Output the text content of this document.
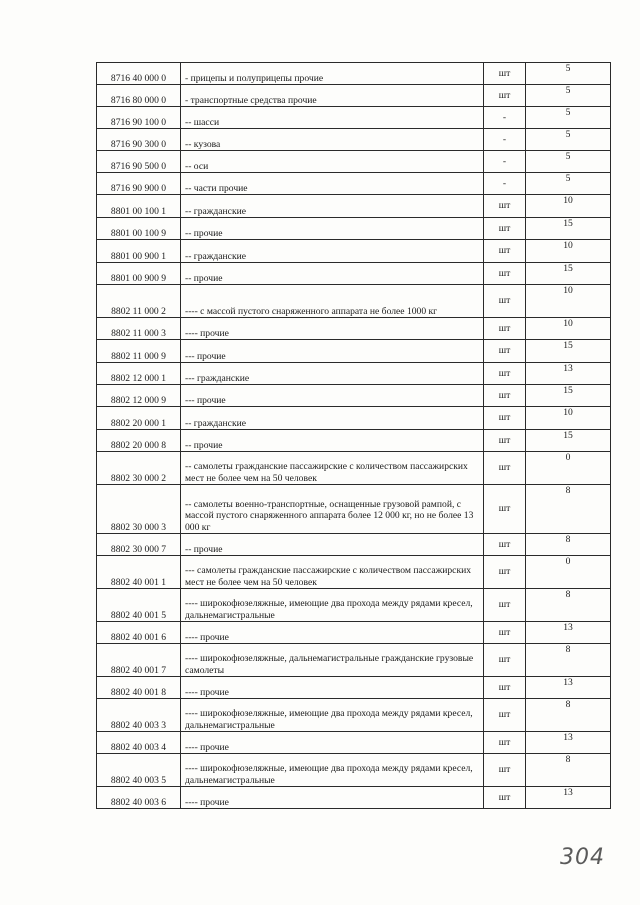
8716 40 000 0	- прицепы и полуприцепы прочие	шт	5
8716 80 000 0	- транспортные средства прочие	шт	5
8716 90 100 0	-- шасси	-	5
8716 90 300 0	-- кузова	-	5
8716 90 500 0	-- оси	-	5
8716 90 900 0	-- части прочие	-	5
8801 00 100 1	-- гражданские	шт	10
8801 00 100 9	-- прочие	шт	15
8801 00 900 1	-- гражданские	шт	10
8801 00 900 9	-- прочие	шт	15
8802 11 000 2	---- с массой пустого снаряженного аппарата не более 1000 кг	шт	10
8802 11 000 3	---- прочие	шт	10
8802 11 000 9	--- прочие	шт	15
8802 12 000 1	--- гражданские	шт	13
8802 12 000 9	--- прочие	шт	15
8802 20 000 1	-- гражданские	шт	10
8802 20 000 8	-- прочие	шт	15
8802 30 000 2	-- самолеты гражданские пассажирские с количеством пассажирских мест не более чем на 50 человек	шт	0
8802 30 000 3	-- самолеты военно-транспортные, оснащенные грузовой рампой, с массой пустого снаряженного аппарата более 12 000 кг, но не более 13 000 кг	шт	8
8802 30 000 7	-- прочие	шт	8
8802 40 001 1	--- самолеты гражданские пассажирские с количеством пассажирских мест не более чем на 50 человек	шт	0
8802 40 001 5	---- широкофюзеляжные, имеющие два прохода между рядами кресел, дальнемагистральные	шт	8
8802 40 001 6	---- прочие	шт	13
8802 40 001 7	---- широкофюзеляжные, дальнемагистральные гражданские грузовые самолеты	шт	8
8802 40 001 8	---- прочие	шт	13
8802 40 003 3	---- широкофюзеляжные, имеющие два прохода между рядами кресел, дальнемагистральные	шт	8
8802 40 003 4	---- прочие	шт	13
8802 40 003 5	---- широкофюзеляжные, имеющие два прохода между рядами кресел, дальнемагистральные	шт	8
8802 40 003 6	---- прочие	шт	13
304
